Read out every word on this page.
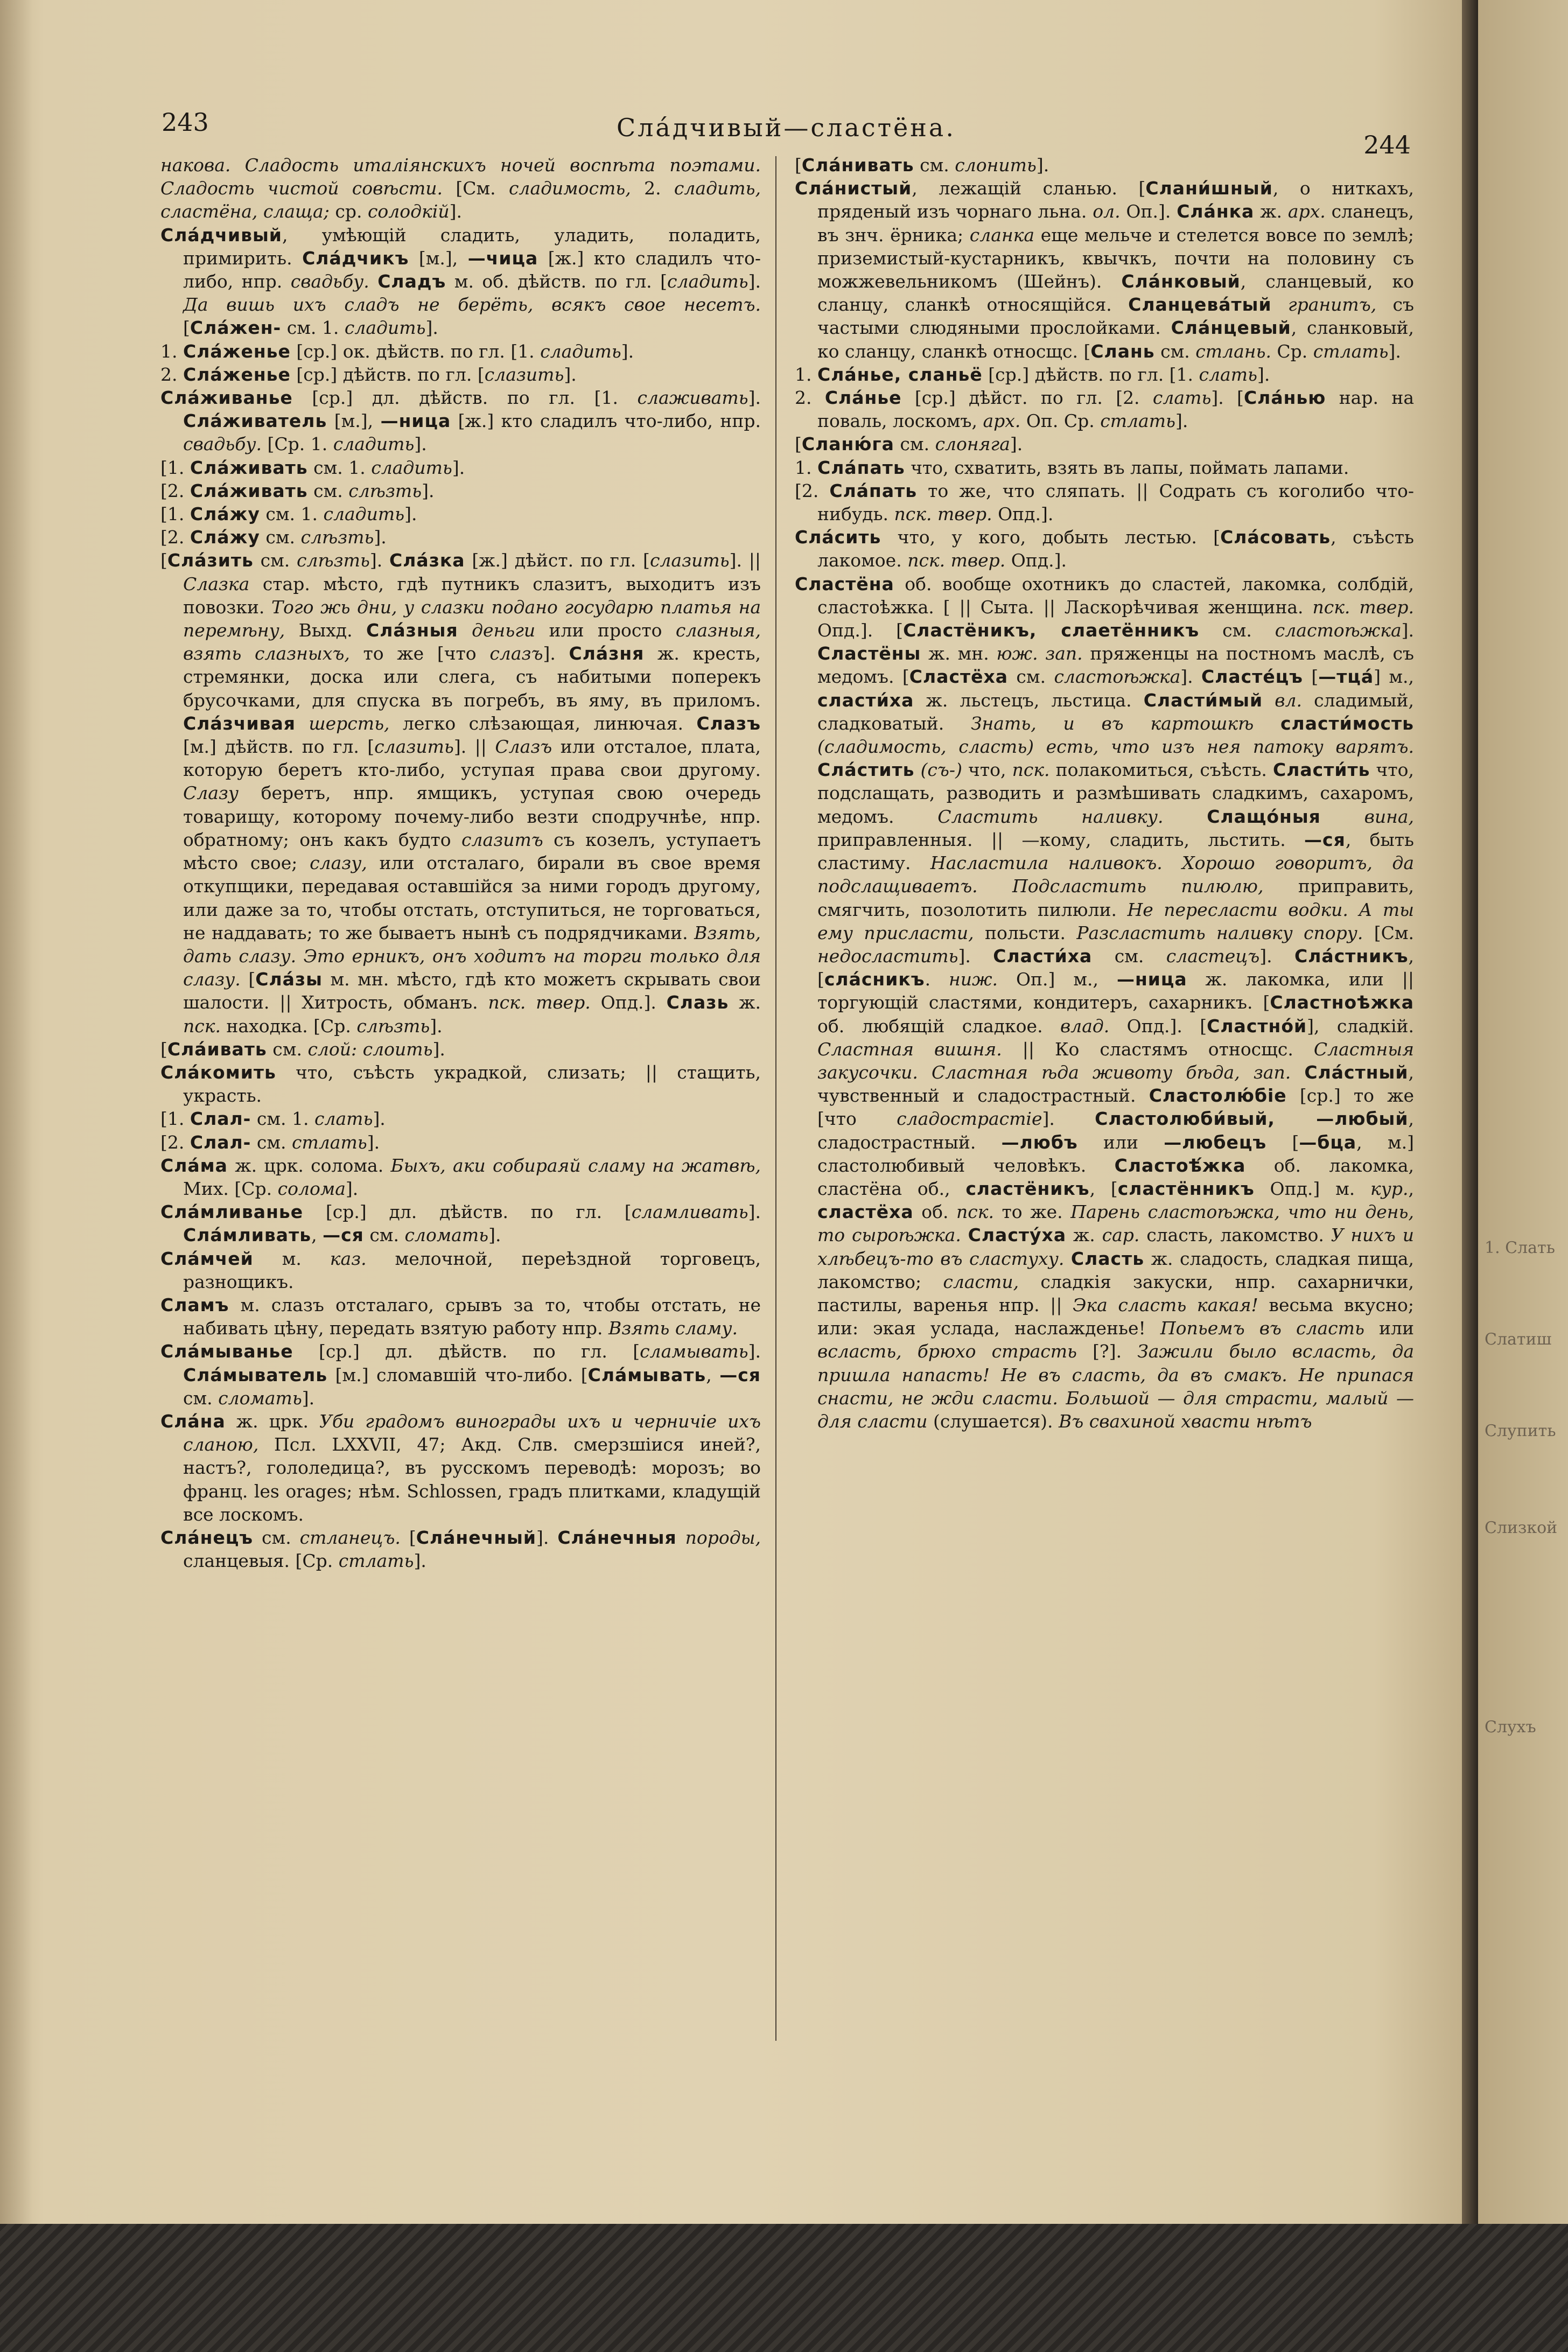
243	Сла́дчивый—сластёна.
244
накова. Сладость италiянскихъ ночей воспѣта поэтами. Сладость чистой совѣсти. [См. сладимость, 2. сладить, сластёна, слаща; ср. солодкiй].
Сла́дчивый, умѣющiй сладить, уладить, поладить, примирить. Сла́дчикъ [м.], —чица [ж.] кто сладилъ что-либо, нпр. свадьбу. Сладъ м. об. дѣйств. по гл. [сладить]. Да вишь ихъ сладъ не берёть, всякъ свое несетъ. [Сла́жен- см. 1. сладить].
1. Сла́женье [ср.] ок. дѣйств. по гл. [1. сладить].
2. Сла́женье [ср.] дѣйств. по гл. [слазить].
Сла́живанье [ср.] дл. дѣйств. по гл. [1. слаживать]. Сла́живатель [м.], —ница [ж.] кто сладилъ что-либо, нпр. свадьбу. [Ср. 1. сладить].
[1. Сла́живать см. 1. сладить].
[2. Сла́живать см. слѣзть].
[1. Сла́жу см. 1. сладить].
[2. Сла́жу см. слѣзть].
[Сла́зить см. слѣзть]. Сла́зка [ж.] дѣйст. по гл. [слазить]. || Слазка стар. мѣсто, гдѣ путникъ слазитъ, выходитъ изъ повозки. Того жь дни, у слазки подано государю платья на перемѣну, Выхд. Сла́зныя деньги или просто слазныя, взять слазныхъ, то же [что слазъ]. Сла́зня ж. кресть, стремянки, доска или слега, съ набитыми поперекъ брусочками, для спуска въ погребъ, въ яму, въ приломъ. Сла́зчивая шерсть, легко слѣзающая, линючая. Слазъ [м.] дѣйств. по гл. [слазить]. || Слазъ или отсталое, плата, которую беретъ кто-либо, уступая права свои другому. Слазу беретъ, нпр. ямщикъ, уступая свою очередь товарищу, которому почему-либо везти сподручнѣе, нпр. обратному; онъ какъ будто слазитъ съ козелъ, уступаетъ мѣсто свое; слазу, или отсталаго, бирали въ свое время откупщики, передавая оставшiйся за ними городъ другому, или даже за то, чтобы отстать, отступиться, не торговаться, не наддавать; то же бываетъ нынѣ съ подрядчиками. Взять, дать слазу. Это ерникъ, онъ ходитъ на торги только для слазу. [Сла́зы м. мн. мѣсто, гдѣ кто можетъ скрывать свои шалости. || Хитрость, обманъ. пск. твер. Опд.]. Слазь ж. пск. находка. [Ср. слѣзть].
[Сла́ивать см. слой: слоить].
Сла́комить что, съѣсть украдкой, слизать; || стащить, украсть.
[1. Слал- см. 1. слать].
[2. Слал- см. стлать].
Сла́ма ж. црк. солома. Быхъ, аки собираяй сламу на жатвѣ, Мих. [Ср. солома].
Сла́мливанье [ср.] дл. дѣйств. по гл. [сламливать]. Сла́мливать, —ся см. сломать].
Сла́мчей м. каз. мелочной, переѣздной торговецъ, разнощикъ.
Сламъ м. слазъ отсталаго, срывъ за то, чтобы отстать, не набивать цѣну, передать взятую работу нпр. Взять сламу.
Сла́мыванье [ср.] дл. дѣйств. по гл. [сламывать]. Сла́мыватель [м.] сломавшiй что-либо. [Сла́мывать, —ся см. сломать].
Сла́на ж. црк. Уби градомъ винограды ихъ и черничiе ихъ сланою, Псл. LXXVII, 47; Акд. Слв. смерзшiися иней?, настъ?, гололедица?, въ русскомъ переводѣ: морозъ; во франц. les orages; нѣм. Schlossen, градъ плитками, кладущiй все лоскомъ.
Сла́нецъ см. стланецъ. [Сла́нечный]. Сла́нечныя породы, сланцевыя. [Ср. стлать].
[Сла́нивать см. слонить].
Сла́нистый, лежащiй сланью. [Слани́шный, о ниткахъ, пряденый изъ чорнаго льна. ол. Оп.]. Сла́нка ж. арх. сланецъ, въ знч. ёрника; сланка еще мельче и стелется вовсе по землѣ; приземистый-кустарникъ, квычкъ, почти на половину съ можжевельникомъ (Шейнъ). Сла́нковый, сланцевый, ко сланцу, сланкѣ относящiйся. Сланцева́тый гранитъ, съ частыми слюдяными прослойками. Сла́нцевый, сланковый, ко сланцу, сланкѣ относщс. [Слань см. стлань. Ср. стлать].
1. Сла́нье, сланьё [ср.] дѣйств. по гл. [1. слать].
2. Сла́нье [ср.] дѣйст. по гл. [2. слать]. [Сла́нью нар. на поваль, лоскомъ, арх. Оп. Ср. стлать].
[Сланю́га см. слоняга].
1. Сла́пать что, схватить, взять въ лапы, поймать лапами.
[2. Сла́пать то же, что сляпать. || Содрать съ коголибо что-нибудь. пск. твер. Опд.].
Сла́сить что, у кого, добыть лестью. [Сла́совать, съѣсть лакомое. пск. твер. Опд.].
Сластёна об. вообще охотникъ до сластей, лакомка, солбдiй, сластоѣжка. [ || Сыта. || Ласкорѣчивая женщина. пск. твер. Опд.]. [Сластёникъ, слаетённикъ см. сластоѣжка]. Сластёны ж. мн. юж. зап. пряженцы на постномъ маслѣ, съ медомъ. [Сластёха см. сластоѣжка]. Сласте́цъ [—тца́] м., сласти́ха ж. льстецъ, льстица. Сласти́мый вл. сладимый, сладковатый. Знать, и въ картошкѣ сласти́мость (сладимость, сласть) есть, что изъ нея патоку варятъ. Сла́стить (съ-) что, пск. полакомиться, съѣсть. Сласти́ть что, подслащать, разводить и размѣшивать сладкимъ, сахаромъ, медомъ. Сластить наливку. Слащо́ныя вина, приправленныя. || —кому, сладить, льстить. —ся, быть сластиму. Насластила наливокъ. Хорошо говоритъ, да подслащиваетъ. Подсластить пилюлю, приправить, смягчить, позолотить пилюли. Не пересласти водки. А ты ему присласти, польсти. Разсластить наливку спору. [См. недосластить]. Сласти́ха см. сластецъ]. Сла́стникъ, [сла́сникъ. ниж. Оп.] м., —ница ж. лакомка, или || торгующiй сластями, кондитеръ, сахарникъ. [Сластноѣжка об. любящiй сладкое. влад. Опд.]. [Сластно́й], сладкiй. Сластная вишня. || Ко сластямъ относщс. Сластныя закусочки. Сластная ѣда животу бѣда, зап. Сла́стный, чувственный и сладострастный. Сластолю́бiе [ср.] то же [что сладострастiе]. Сластолюби́вый, —любый, сладострастный. —любъ или —любецъ [—бца, м.] сластолюбивый человѣкъ. Сластоѣ́жка об. лакомка, сластёна об., сластёникъ, [сластённикъ Опд.] м. кур., сластёха об. пск. то же. Парень сластоѣжка, что ни день, то сыроѣжка. Сласту́ха ж. сар. сласть, лакомство. У нихъ и хлѣбецъ-то въ сластуху. Сласть ж. сладость, сладкая пища, лакомство; сласти, сладкiя закуски, нпр. сахарнички, пастилы, варенья нпр. || Эка сласть какая! весьма вкусно; или: экая услада, наслажденье! Попьемъ въ сласть или всласть, брюхо страсть [?]. Зажили было всласть, да пришла напасть! Не въ сласть, да въ смакъ. Не припася снасти, не жди сласти. Большой — для страсти, малый — для сласти (слушается). Въ свахиной хвасти нѣтъ
1. Слать
Слатиш
Слупить
Слизкой
Слухъ
